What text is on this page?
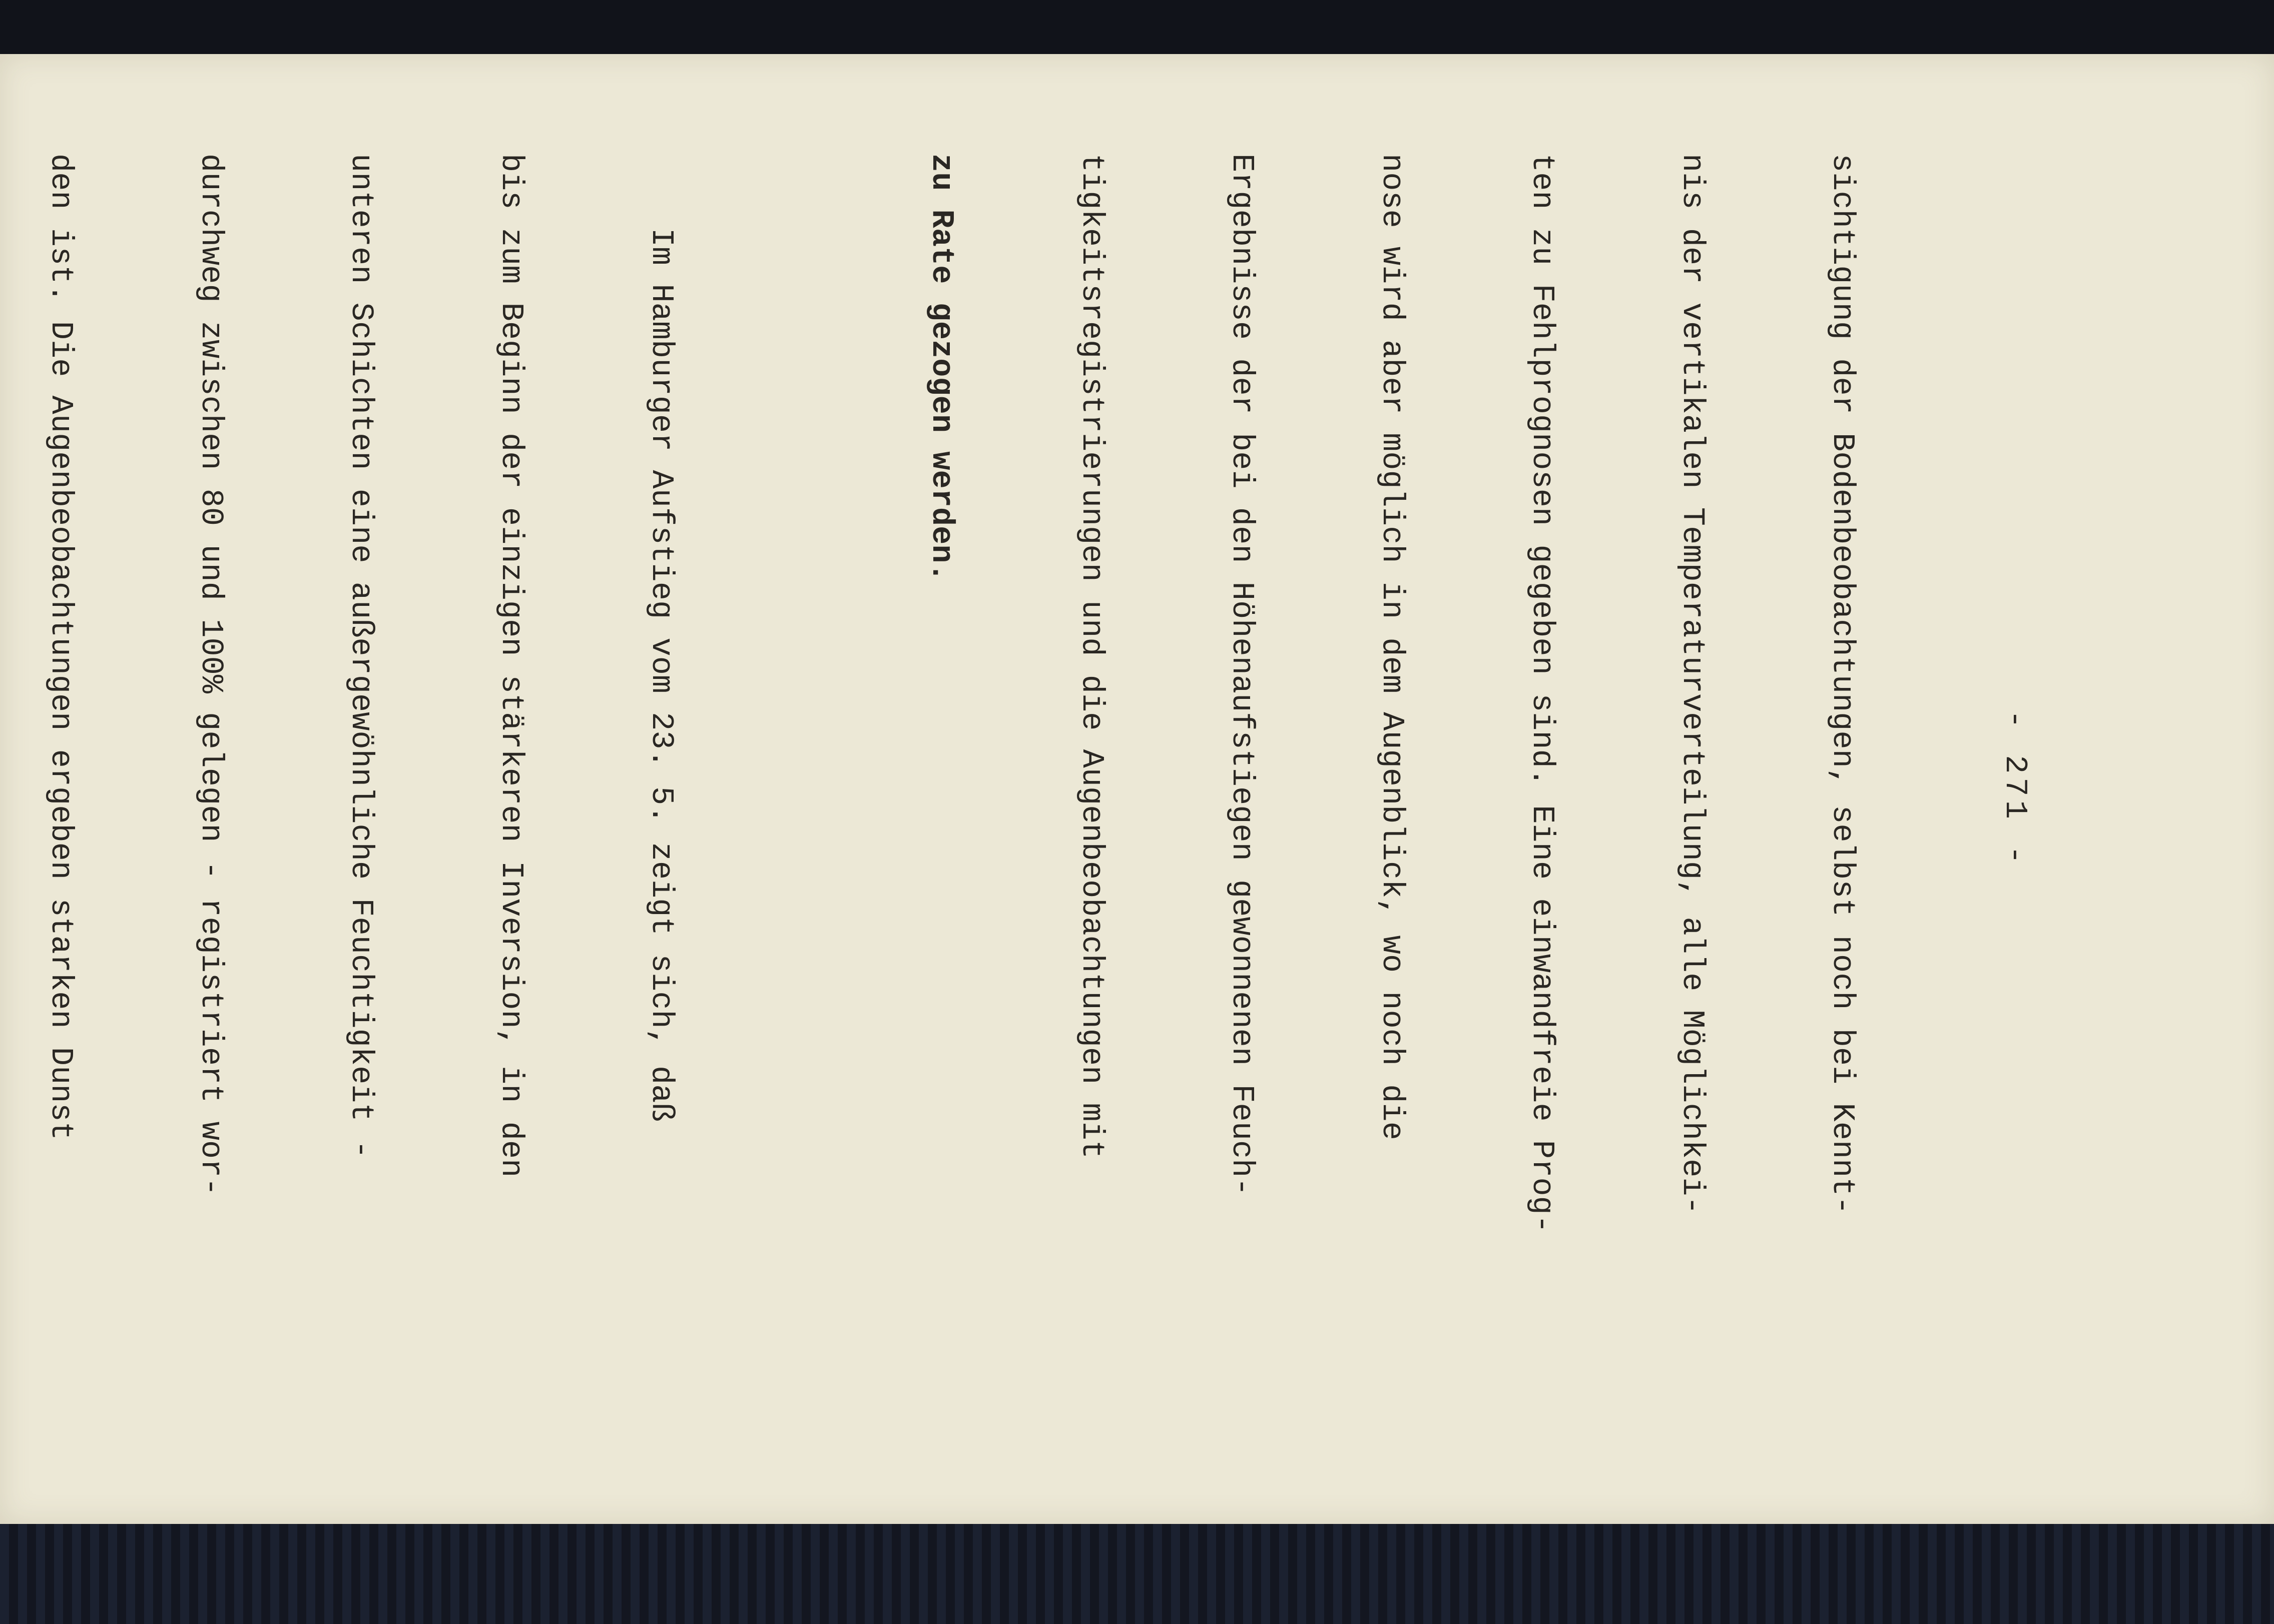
- 271 -

sichtigung der Bodenbeobachtungen, selbst noch bei Kennt-

nis der vertikalen Temperaturverteilung, alle Möglichkei-

ten zu Fehlprognosen gegeben sind. Eine einwandfreie Prog-

nose wird aber möglich in dem Augenblick, wo noch die

Ergebnisse der bei den Höhenaufstiegen gewonnenen Feuch-

tigkeitsregistrierungen und die Augenbeobachtungen mit

zu Rate gezogen werden.

Im Hamburger Aufstieg vom 23. 5. zeigt sich, daß

bis zum Beginn der einzigen stärkeren Inversion, in den

unteren Schichten eine außergewöhnliche Feuchtigkeit -

durchweg zwischen 80 und 100% gelegen - registriert wor-

den ist. Die Augenbeobachtungen ergeben starken Dunst
